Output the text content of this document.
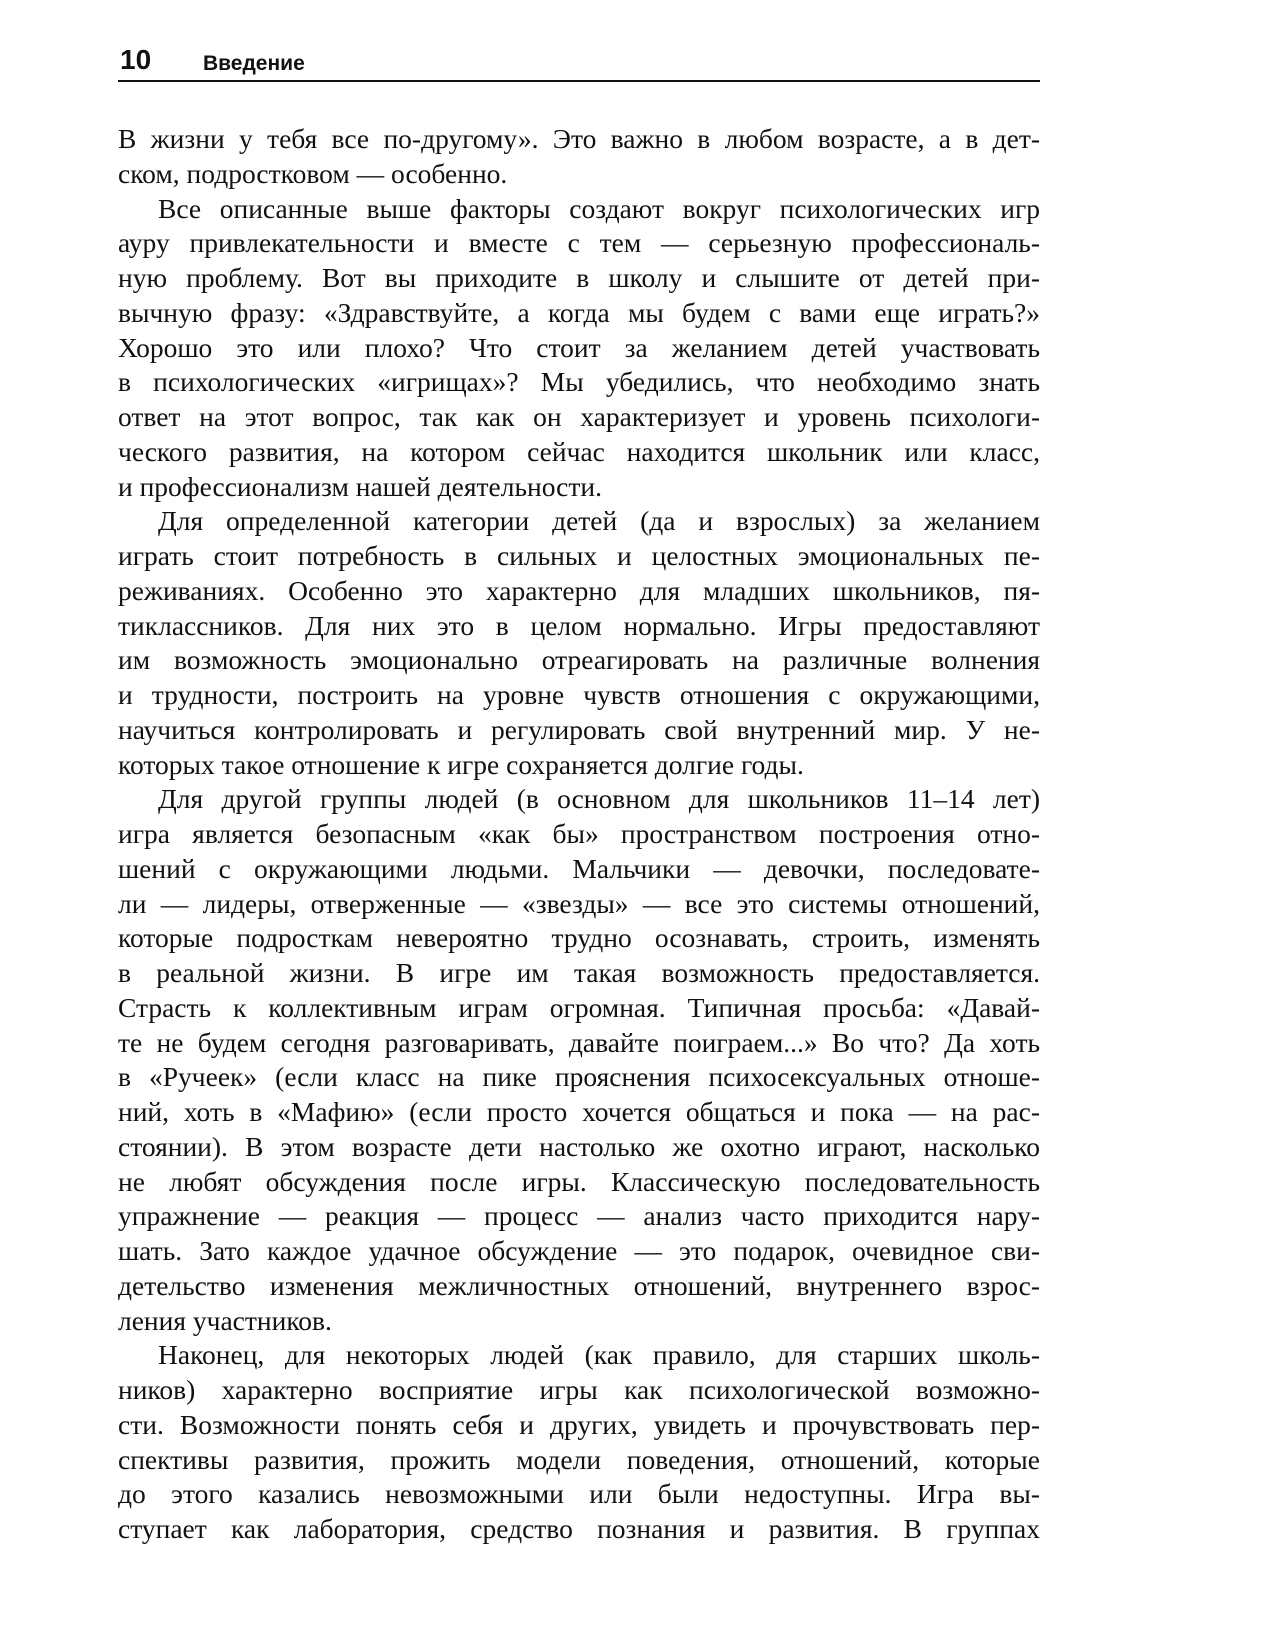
10 Введение
В жизни у тебя все по-другому». Это важно в любом возрасте, а в дет-
ском, подростковом — особенно.
Все описанные выше факторы создают вокруг психологических игр
ауру привлекательности и вместе с тем — серьезную профессиональ-
ную проблему. Вот вы приходите в школу и слышите от детей при-
вычную фразу: «Здравствуйте, а когда мы будем с вами еще играть?»
Хорошо это или плохо? Что стоит за желанием детей участвовать
в психологических «игрищах»? Мы убедились, что необходимо знать
ответ на этот вопрос, так как он характеризует и уровень психологи-
ческого развития, на котором сейчас находится школьник или класс,
и профессионализм нашей деятельности.
Для определенной категории детей (да и взрослых) за желанием
играть стоит потребность в сильных и целостных эмоциональных пе-
реживаниях. Особенно это характерно для младших школьников, пя-
тиклассников. Для них это в целом нормально. Игры предоставляют
им возможность эмоционально отреагировать на различные волнения
и трудности, построить на уровне чувств отношения с окружающими,
научиться контролировать и регулировать свой внутренний мир. У не-
которых такое отношение к игре сохраняется долгие годы.
Для другой группы людей (в основном для школьников 11–14 лет)
игра является безопасным «как бы» пространством построения отно-
шений с окружающими людьми. Мальчики — девочки, последовате-
ли — лидеры, отверженные — «звезды» — все это системы отношений,
которые подросткам невероятно трудно осознавать, строить, изменять
в реальной жизни. В игре им такая возможность предоставляется.
Страсть к коллективным играм огромная. Типичная просьба: «Давай-
те не будем сегодня разговаривать, давайте поиграем...» Во что? Да хоть
в «Ручеек» (если класс на пике прояснения психосексуальных отноше-
ний, хоть в «Мафию» (если просто хочется общаться и пока — на рас-
стоянии). В этом возрасте дети настолько же охотно играют, насколько
не любят обсуждения после игры. Классическую последовательность
упражнение — реакция — процесс — анализ часто приходится нару-
шать. Зато каждое удачное обсуждение — это подарок, очевидное сви-
детельство изменения межличностных отношений, внутреннего взрос-
ления участников.
Наконец, для некоторых людей (как правило, для старших школь-
ников) характерно восприятие игры как психологической возможно-
сти. Возможности понять себя и других, увидеть и прочувствовать пер-
спективы развития, прожить модели поведения, отношений, которые
до этого казались невозможными или были недоступны. Игра вы-
ступает как лаборатория, средство познания и развития. В группах
